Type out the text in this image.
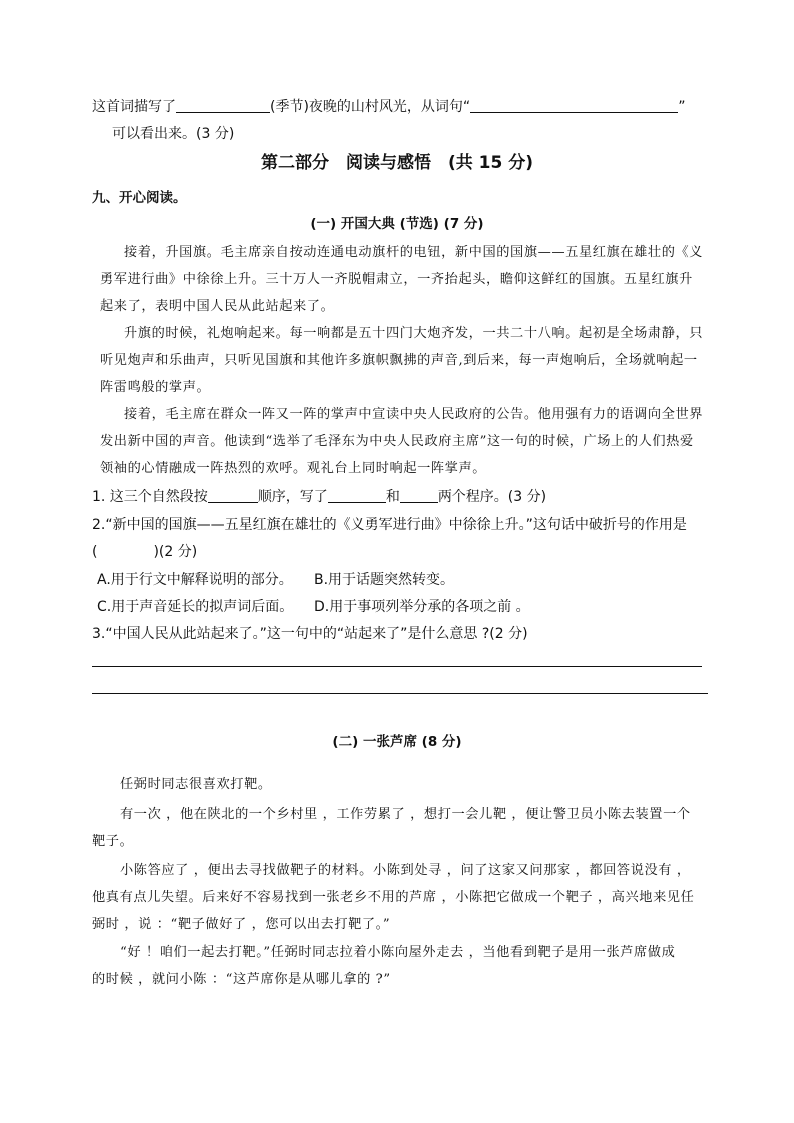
这首词描写了	(季节)夜晚的山村风光，从词句“	”
可以看出来。(3 分)
第二部分　阅读与感悟　(共 15 分)
九、开心阅读。
(一) 开国大典 (节选) (7 分)
接着，升国旗。毛主席亲自按动连通电动旗杆的电钮，新中国的国旗——五星红旗在雄壮的《义
勇军进行曲》中徐徐上升。三十万人一齐脱帽肃立，一齐抬起头，瞻仰这鲜红的国旗。五星红旗升
起来了，表明中国人民从此站起来了。
升旗的时候，礼炮响起来。每一响都是五十四门大炮齐发，一共二十八响。起初是全场肃静，只
听见炮声和乐曲声，只听见国旗和其他许多旗帜飘拂的声音,到后来，每一声炮响后，全场就响起一
阵雷鸣般的掌声。
接着，毛主席在群众一阵又一阵的掌声中宣读中央人民政府的公告。他用强有力的语调向全世界
发出新中国的声音。他读到“选举了毛泽东为中央人民政府主席”这一句的时候，广场上的人们热爱
领袖的心情融成一阵热烈的欢呼。观礼台上同时响起一阵掌声。
1. 这三个自然段按	顺序，写了	和	两个程序。(3 分)
2.“新中国的国旗——五星红旗在雄壮的《义勇军进行曲》中徐徐上升。”这句话中破折号的作用是
(　　　　)(2 分)
A.用于行文中解释说明的部分。 B.用于话题突然转变。
C.用于声音延长的拟声词后面。 D.用于事项列举分承的各项之前 。
3.“中国人民从此站起来了。”这一句中的“站起来了”是什么意思 ?(2 分)
(二) 一张芦席 (8 分)
任弼时同志很喜欢打靶。
有一次 ，他在陕北的一个乡村里 ，工作劳累了 ，想打一会儿靶 ，便让警卫员小陈去装置一个
靶子。
小陈答应了 ，便出去寻找做靶子的材料。小陈到处寻 ，问了这家又问那家 ，都回答说没有 ，
他真有点儿失望。后来好不容易找到一张老乡不用的芦席 ，小陈把它做成一个靶子 ，高兴地来见任
弼时 ，说 ：“靶子做好了 ，您可以出去打靶了。”
“好 ！咱们一起去打靶。”任弼时同志拉着小陈向屋外走去 ，当他看到靶子是用一张芦席做成
的时候 ，就问小陈 ：“这芦席你是从哪儿拿的 ?”
